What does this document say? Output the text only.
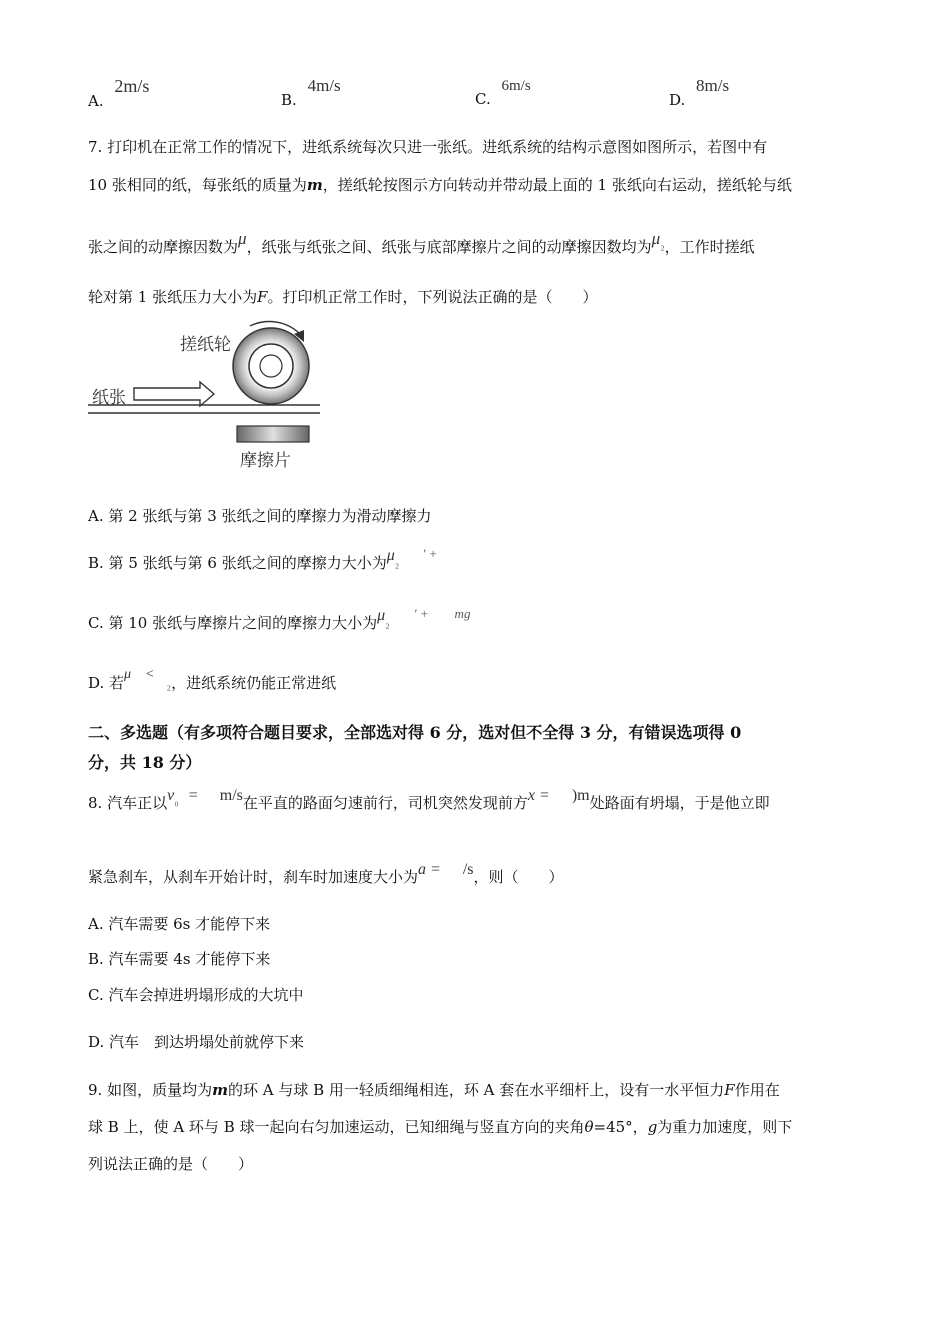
A. 2m/s
B. 4m/s
C. 6m/s
D. 8m/s
7. 打印机在正常工作的情况下，进纸系统每次只进一张纸。进纸系统的结构示意图如图所示，若图中有
10 张相同的纸，每张纸的质量为m，搓纸轮按图示方向转动并带动最上面的 1 张纸向右运动，搓纸轮与纸
张之间的动摩擦因数为μ，纸张与纸张之间、纸张与底部摩擦片之间的动摩擦因数均为μ₂，工作时搓纸
轮对第 1 张纸压力大小为F。打印机正常工作时，下列说法正确的是（　　）
搓纸轮
纸张
摩擦片
A. 第 2 张纸与第 3 张纸之间的摩擦力为滑动摩擦力
B. 第 5 张纸与第 6 张纸之间的摩擦力大小为μ₂′ +
C. 第 10 张纸与摩擦片之间的摩擦力大小为μ₂′ +　　mg
D. 若μ　<₂，进纸系统仍能正常进纸
二、多选题（有多项符合题目要求，全部选对得 6 分，选对但不全得 3 分，有错误选项得 0
分，共 18 分）
8. 汽车正以v₀ = m/s在平直的路面匀速前行，司机突然发现前方x = )m处路面有坍塌，于是他立即
紧急刹车，从刹车开始计时，刹车时加速度大小为a = /s，则（　　）
A. 汽车需要 6s 才能停下来
B. 汽车需要 4s 才能停下来
C. 汽车会掉进坍塌形成的大坑中
D. 汽车　到达坍塌处前就停下来
9. 如图，质量均为m的环 A 与球 B 用一轻质细绳相连，环 A 套在水平细杆上，设有一水平恒力F作用在
球 B 上，使 A 环与 B 球一起向右匀加速运动，已知细绳与竖直方向的夹角θ=45°，g为重力加速度，则下
列说法正确的是（　　）
